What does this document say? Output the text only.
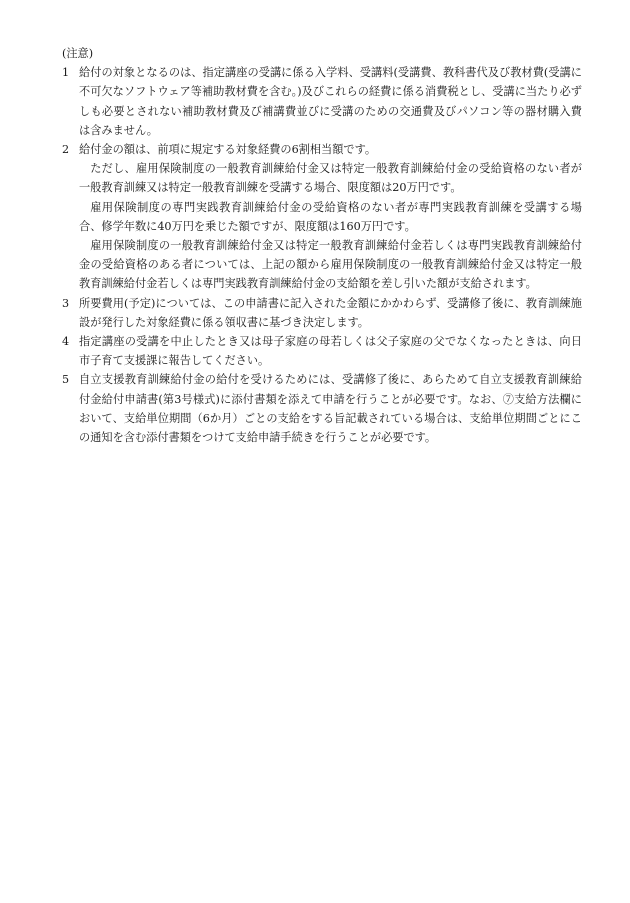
(注意)
1 給付の対象となるのは、指定講座の受講に係る入学料、受講料(受講費、教科書代及び教材費(受講に不可欠なソフトウェア等補助教材費を含む。)及びこれらの経費に係る消費税とし、受講に当たり必ずしも必要とされない補助教材費及び補講費並びに受講のための交通費及びパソコン等の器材購入費は含みません。

2 給付金の額は、前項に規定する対象経費の6割相当額です。

ただし、雇用保険制度の一般教育訓練給付金又は特定一般教育訓練給付金の受給資格のない者が一般教育訓練又は特定一般教育訓練を受講する場合、限度額は20万円です。

雇用保険制度の専門実践教育訓練給付金の受給資格のない者が専門実践教育訓練を受講する場合、修学年数に40万円を乗じた額ですが、限度額は160万円です。

雇用保険制度の一般教育訓練給付金又は特定一般教育訓練給付金若しくは専門実践教育訓練給付金の受給資格のある者については、上記の額から雇用保険制度の一般教育訓練給付金又は特定一般教育訓練給付金若しくは専門実践教育訓練給付金の支給額を差し引いた額が支給されます。

3 所要費用(予定)については、この申請書に記入された金額にかかわらず、受講修了後に、教育訓練施設が発行した対象経費に係る領収書に基づき決定します。

4 指定講座の受講を中止したとき又は母子家庭の母若しくは父子家庭の父でなくなったときは、向日市子育て支援課に報告してください。

5 自立支援教育訓練給付金の給付を受けるためには、受講修了後に、あらためて自立支援教育訓練給付金給付申請書(第3号様式)に添付書類を添えて申請を行うことが必要です。なお、⑦支給方法欄において、支給単位期間（6か月）ごとの支給をする旨記載されている場合は、支給単位期間ごとにこの通知を含む添付書類をつけて支給申請手続きを行うことが必要です。
